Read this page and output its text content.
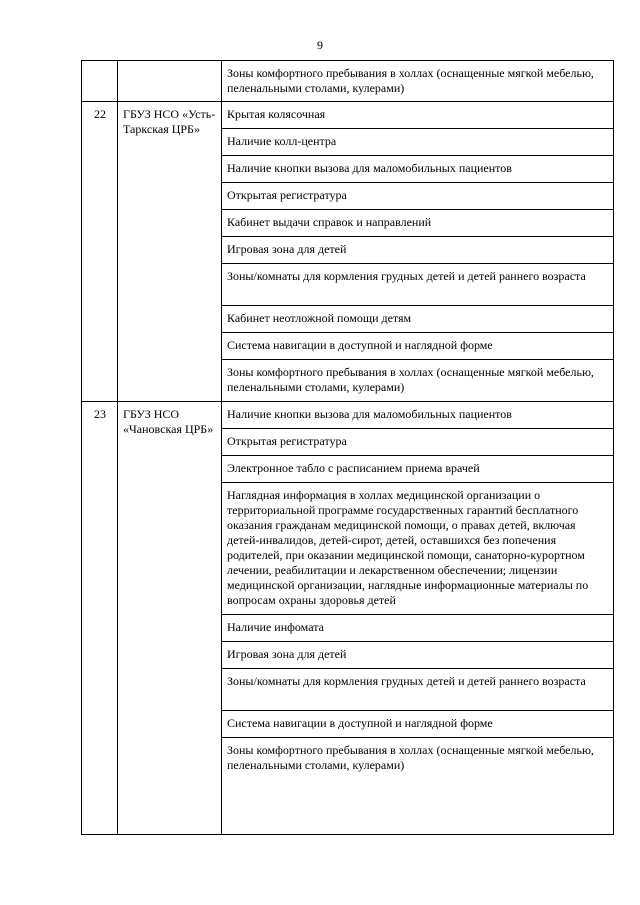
9
		Зоны комфортного пребывания в холлах (оснащенные мягкой мебелью, пеленальными столами, кулерами)
22	ГБУЗ НСО «Усть-Таркская ЦРБ»	Крытая колясочная
		Наличие колл-центра
		Наличие кнопки вызова для маломобильных пациентов
		Открытая регистратура
		Кабинет выдачи справок и направлений
		Игровая зона для детей
		Зоны/комнаты для кормления грудных детей и детей раннего возраста
		Кабинет неотложной помощи детям
		Система навигации в доступной и наглядной форме
		Зоны комфортного пребывания в холлах (оснащенные мягкой мебелью, пеленальными столами, кулерами)
23	ГБУЗ НСО «Чановская ЦРБ»	Наличие кнопки вызова для маломобильных пациентов
		Открытая регистратура
		Электронное табло с расписанием приема врачей
		Наглядная информация в холлах медицинской организации о территориальной программе государственных гарантий бесплатного оказания гражданам медицинской помощи, о правах детей, включая детей-инвалидов, детей-сирот, детей, оставшихся без попечения родителей, при оказании медицинской помощи, санаторно-курортном лечении, реабилитации и лекарственном обеспечении; лицензии медицинской организации, наглядные информационные материалы по вопросам охраны здоровья детей
		Наличие инфомата
		Игровая зона для детей
		Зоны/комнаты для кормления грудных детей и детей раннего возраста
		Система навигации в доступной и наглядной форме
		Зоны комфортного пребывания в холлах (оснащенные мягкой мебелью, пеленальными столами, кулерами)
